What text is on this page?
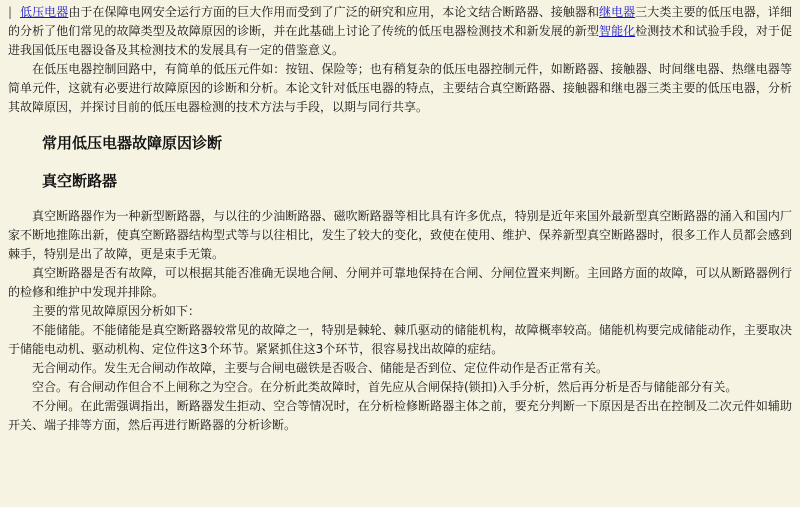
| 低压电器由于在保障电网安全运行方面的巨大作用而受到了广泛的研究和应用，本论文结合断路器、接触器和继电器三大类主要的低压电器，详细的分析了他们常见的故障类型及故障原因的诊断，并在此基础上讨论了传统的低压电器检测技术和新发展的新型智能化检测技术和试验手段，对于促进我国低压电器设备及其检测技术的发展具有一定的借鉴意义。

在低压电器控制回路中，有简单的低压元件如：按钮、保险等；也有稍复杂的低压电器控制元件，如断路器、接触器、时间继电器、热继电器等简单元件，这就有必要进行故障原因的诊断和分析。本论文针对低压电器的特点，主要结合真空断路器、接触器和继电器三类主要的低压电器，分析其故障原因，并探讨目前的低压电器检测的技术方法与手段，以期与同行共享。

常用低压电器故障原因诊断
真空断路器

真空断路器作为一种新型断路器，与以往的少油断路器、磁吹断路器等相比具有许多优点，特别是近年来国外最新型真空断路器的涌入和国内厂家不断地推陈出新，使真空断路器结构型式等与以往相比，发生了较大的变化，致使在使用、维护、保养新型真空断路器时，很多工作人员都会感到棘手，特别是出了故障，更是束手无策。

真空断路器是否有故障，可以根据其能否准确无误地合闸、分闸并可靠地保持在合闸、分闸位置来判断。主回路方面的故障，可以从断路器例行的检修和维护中发现并排除。

主要的常见故障原因分析如下：

不能储能。不能储能是真空断路器较常见的故障之一，特别是棘轮、棘爪驱动的储能机构，故障概率较高。储能机构要完成储能动作，主要取决于储能电动机、驱动机构、定位件这3个环节。紧紧抓住这3个环节，很容易找出故障的症结。

无合闸动作。发生无合闸动作故障，主要与合闸电磁铁是否吸合、储能是否到位、定位件动作是否正常有关。

空合。有合闸动作但合不上闸称之为空合。在分析此类故障时，首先应从合闸保持(锁扣)入手分析，然后再分析是否与储能部分有关。

不分闸。在此需强调指出，断路器发生拒动、空合等情况时，在分析检修断路器主体之前，要充分判断一下原因是否出在控制及二次元件如辅助开关、端子排等方面，然后再进行断路器的分析诊断。
